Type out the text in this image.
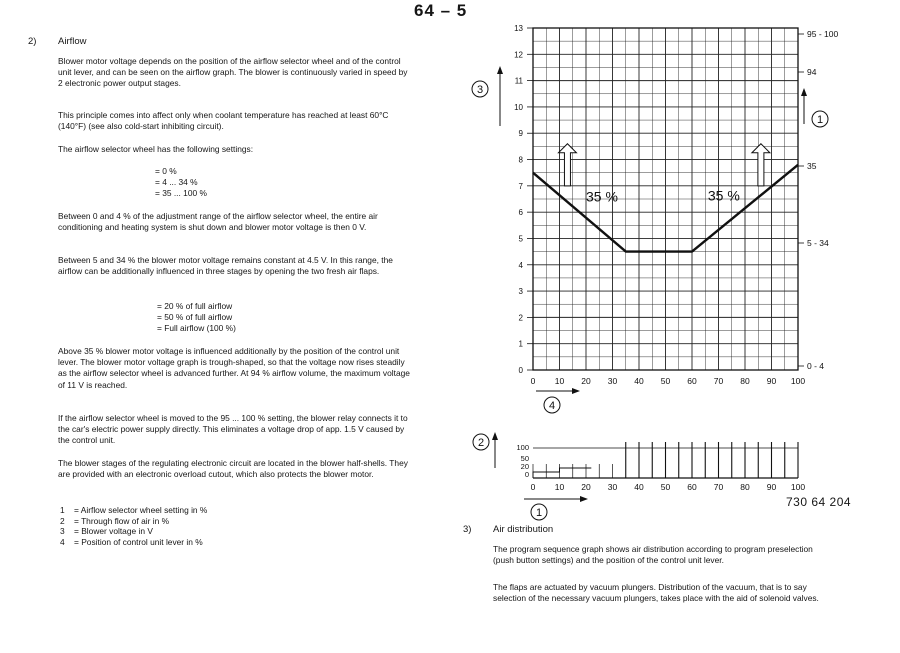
64 – 5
2) Airflow
Blower motor voltage depends on the position of the airflow selector wheel and of the control unit lever, and can be seen on the airflow graph. The blower is continuously varied in speed by 2 electronic power output stages.
This principle comes into affect only when coolant temperature has reached at least 60°C (140°F) (see also cold-start inhibiting circuit).
The airflow selector wheel has the following settings:
= 0 %
= 4 ... 34 %
= 35 ... 100 %
Between 0 and 4 % of the adjustment range of the airflow selector wheel, the entire air conditioning and heating system is shut down and blower motor voltage is then 0 V.
Between 5 and 34 % the blower motor voltage remains constant at 4.5 V. In this range, the airflow can be additionally influenced in three stages by opening the two fresh air flaps.
= 20 % of full airflow
= 50 % of full airflow
= Full airflow (100 %)
Above 35 % blower motor voltage is influenced additionally by the position of the control unit lever. The blower motor voltage graph is trough-shaped, so that the voltage now rises steadily as the airflow selector wheel is advanced further. At 94 % airflow volume, the maximum voltage of 11 V is reached.
If the airflow selector wheel is moved to the 95 ... 100 % setting, the blower relay connects it to the car's electric power supply directly. This eliminates a voltage drop of app. 1.5 V caused by the control unit.
The blower stages of the regulating electronic circuit are located in the blower half-shells. They are provided with an electronic overload cutout, which also protects the blower motor.
1 = Airflow selector wheel setting in %
2 = Through flow of air in %
3 = Blower voltage in V
4 = Position of control unit lever in %
3) Air distribution
The program sequence graph shows air distribution according to program preselection (push button settings) and the position of the control unit lever.
The flaps are actuated by vacuum plungers. Distribution of the vacuum, that is to say selection of the necessary vacuum plungers, takes place with the aid of solenoid valves.
730 64 204
0
1
2
3
4
5
6
7
8
9
10
11
12
13
0 10 20 30 40 50 60 70 80 90 100
95 - 100
94
35
5 - 34
0 - 4
35 %	35 %
3
1
4
100
50
20
0
0 10 20 30 40 50 60 70 80 90 100
2
1
